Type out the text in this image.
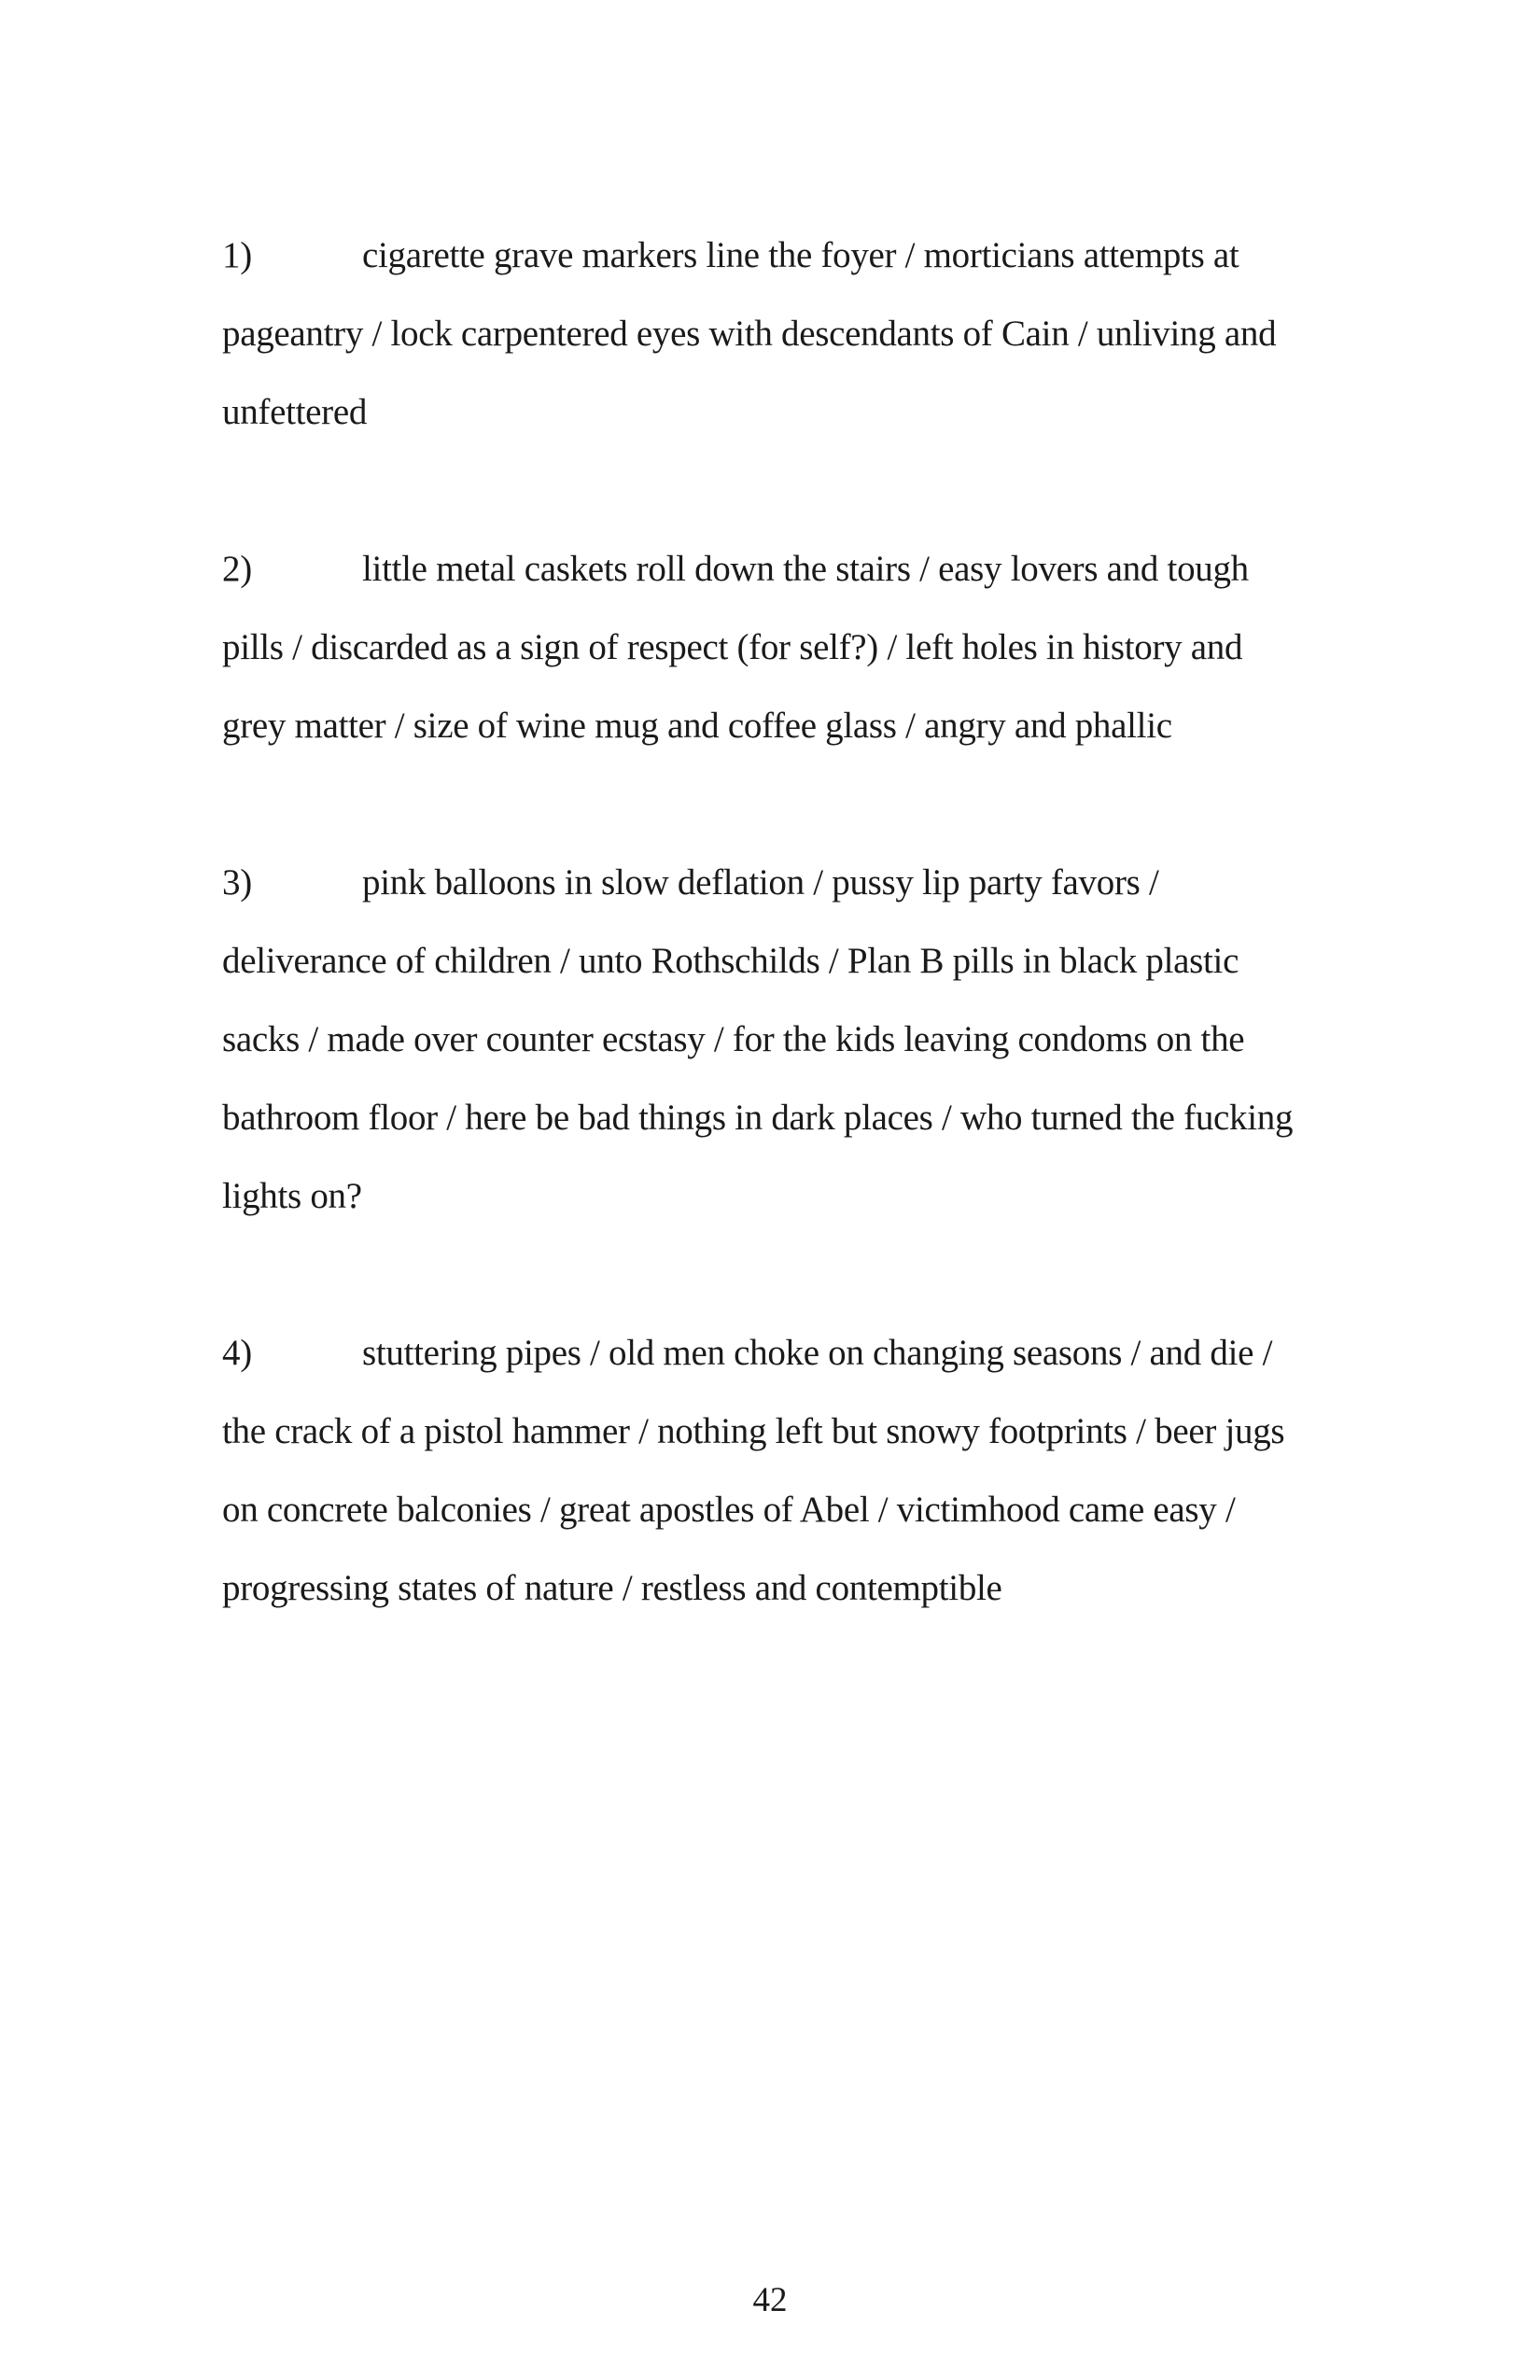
1)	cigarette grave markers line the foyer / morticians attempts at pageantry / lock carpentered eyes with descendants of Cain / unliving and unfettered

2)	little metal caskets roll down the stairs / easy lovers and tough pills / discarded as a sign of respect (for self?) / left holes in history and grey matter / size of wine mug and coffee glass / angry and phallic

3)	pink balloons in slow deflation / pussy lip party favors / deliverance of children / unto Rothschilds / Plan B pills in black plastic sacks / made over counter ecstasy / for the kids leaving condoms on the bathroom floor / here be bad things in dark places / who turned the fucking lights on?

4)	stuttering pipes / old men choke on changing seasons / and die / the crack of a pistol hammer / nothing left but snowy footprints / beer jugs on concrete balconies / great apostles of Abel / victimhood came easy / progressing states of nature / restless and contemptible

42
